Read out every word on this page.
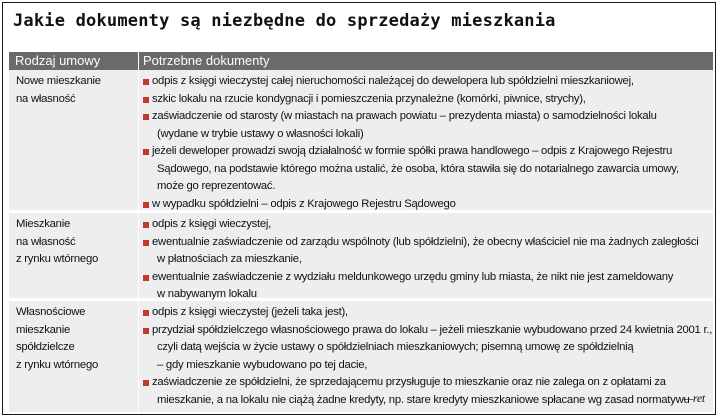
Jakie dokumenty są niezbędne do sprzedaży mieszkania
Rodzaj umowy	Potrzebne dokumenty
Nowe mieszkanie
na własność
odpis z księgi wieczystej całej nieruchomości należącej do dewelopera lub spółdzielni mieszkaniowej,
szkic lokalu na rzucie kondygnacji i pomieszczenia przynależne (komórki, piwnice, strychy),
zaświadczenie od starosty (w miastach na prawach powiatu – prezydenta miasta) o samodzielności lokalu
(wydane w trybie ustawy o własności lokali)
jeżeli deweloper prowadzi swoją działalność w formie spółki prawa handlowego – odpis z Krajowego Rejestru
Sądowego, na podstawie którego można ustalić, że osoba, która stawiła się do notarialnego zawarcia umowy,
może go reprezentować.
w wypadku spółdzielni – odpis z Krajowego Rejestru Sądowego
Mieszkanie
na własność
z rynku wtórnego
odpis z księgi wieczystej,
ewentualnie zaświadczenie od zarządu wspólnoty (lub spółdzielni), że obecny właściciel nie ma żadnych zaległości
w płatnościach za mieszkanie,
ewentualnie zaświadczenie z wydziału meldunkowego urzędu gminy lub miasta, że nikt nie jest zameldowany
w nabywanym lokalu
Własnościowe
mieszkanie
spółdzielcze
z rynku wtórnego
odpis z księgi wieczystej (jeżeli taka jest),
przydział spółdzielczego własnościowego prawa do lokalu – jeżeli mieszkanie wybudowano przed 24 kwietnia 2001 r.,
czyli datą wejścia w życie ustawy o spółdzielniach mieszkaniowych; pisemną umowę ze spółdzielnią
– gdy mieszkanie wybudowano po tej dacie,
zaświadczenie ze spółdzielni, że sprzedającemu przysługuje to mieszkanie oraz nie zalega on z opłatami za
mieszkanie, a na lokalu nie ciążą żadne kredyty, np. stare kredyty mieszkaniowe spłacane wg zasad normatywu
—ret
